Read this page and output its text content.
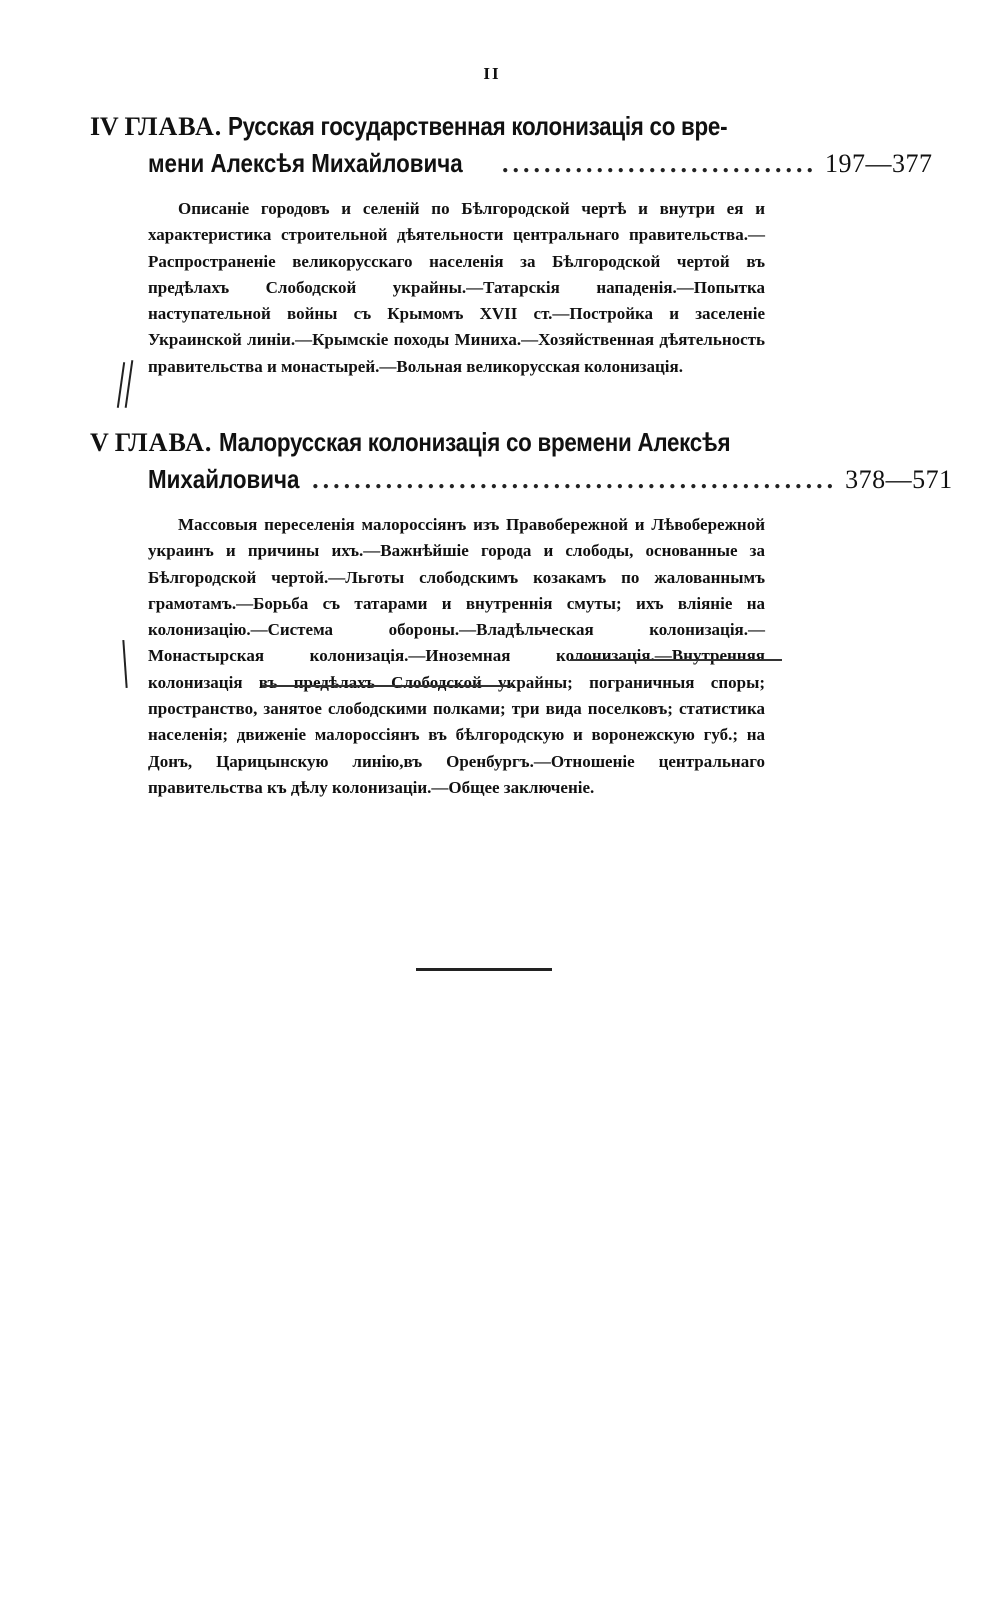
II
IV ГЛАВА. Русская государственная колонизація со вре-
мени Алексѣя Михайловича .............................. 197—377
Описаніе городовъ и селеній по Бѣлгородской чертѣ и внутри ея и характеристика строительной дѣятельности центральнаго правительства.—Распространеніе великорусскаго населенія за Бѣлгородской чертой въ предѣлахъ Слободской украйны.—Татарскія нападенія.—Попытка наступательной войны съ Крымомъ XVII ст.—Постройка и заселеніе Украинской линіи.—Крымскіе походы Миниха.—Хозяйственная дѣятельность правительства и монастырей.—Вольная великорусская колонизація.
V ГЛАВА. Малорусская колонизація со времени Алексѣя
Михайловича .................................................. 378—571
Массовыя переселенія малороссіянъ изъ Правобережной и Лѣвобережной украинъ и причины ихъ.—Важнѣйшіе города и слободы, основанные за Бѣлгородской чертой.—Льготы слободскимъ козакамъ по жалованнымъ грамотамъ.—Борьба съ татарами и внутреннія смуты; ихъ вліяніе на колонизацію.—Система обороны.—Владѣльческая колонизація.—Монастырская колонизація.—Иноземная колонизація.—Внутренняя колонизація въ предѣлахъ Слободской украйны; пограничныя споры; пространство, занятое слободскими полками; три вида поселковъ; статистика населенія; движеніе малороссіянъ въ бѣлгородскую и воронежскую губ.; на Донъ, Царицынскую линію,въ Оренбургъ.—Отношеніе центральнаго правительства къ дѣлу колонизаціи.—Общее заключеніе.
